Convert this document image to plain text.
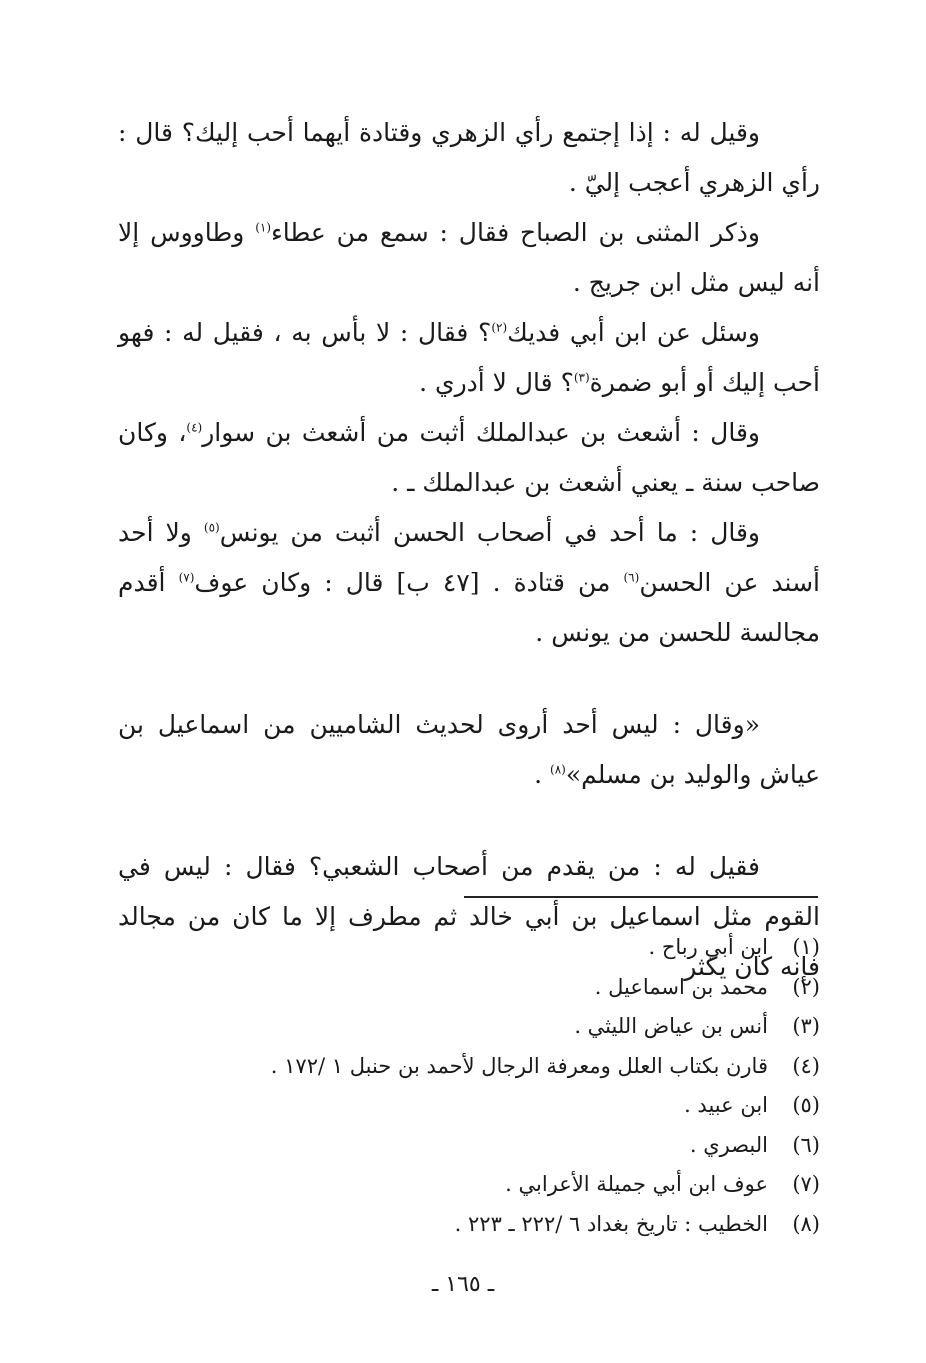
وقيل له : إذا إجتمع رأي الزهري وقتادة أيهما أحب إليك؟ قال : رأي الزهري أعجب إليّ .

وذكر المثنى بن الصباح فقال : سمع من عطاء$^{(١)}$ وطاووس إلا أنه ليس مثل ابن جريج .

وسئل عن ابن أبي فديك$^{(٢)}$؟ فقال : لا بأس به ، فقيل له : فهو أحب إليك أو أبو ضمرة$^{(٣)}$؟ قال لا أدري .

وقال : أشعث بن عبدالملك أثبت من أشعث بن سوار$^{(٤)}$، وكان صاحب سنة ـ يعني أشعث بن عبدالملك ـ .

وقال : ما أحد في أصحاب الحسن أثبت من يونس$^{(٥)}$ ولا أحد أسند عن الحسن$^{(٦)}$ من قتادة . [٤٧ ب] قال : وكان عوف$^{(٧)}$ أقدم مجالسة للحسن من يونس .

«وقال : ليس أحد أروى لحديث الشاميين من اسماعيل بن عياش والوليد بن مسلم»$^{(٨)}$ .

فقيل له : من يقدم من أصحاب الشعبي؟ فقال : ليس في القوم مثل اسماعيل بن أبي خالد ثم مطرف إلا ما كان من مجالد فإنه كان يكثر

(١)ابن أبي رباح .
(٢)محمد بن اسماعيل .
(٣)أنس بن عياض الليثي .
(٤)قارن بكتاب العلل ومعرفة الرجال لأحمد بن حنبل ١ /١٧٢ .
(٥)ابن عبيد .
(٦)البصري .
(٧)عوف ابن أبي جميلة الأعرابي .
(٨)الخطيب : تاريخ بغداد ٦ /٢٢٢ ـ ٢٢٣ .
ـ ١٦٥ ـ
